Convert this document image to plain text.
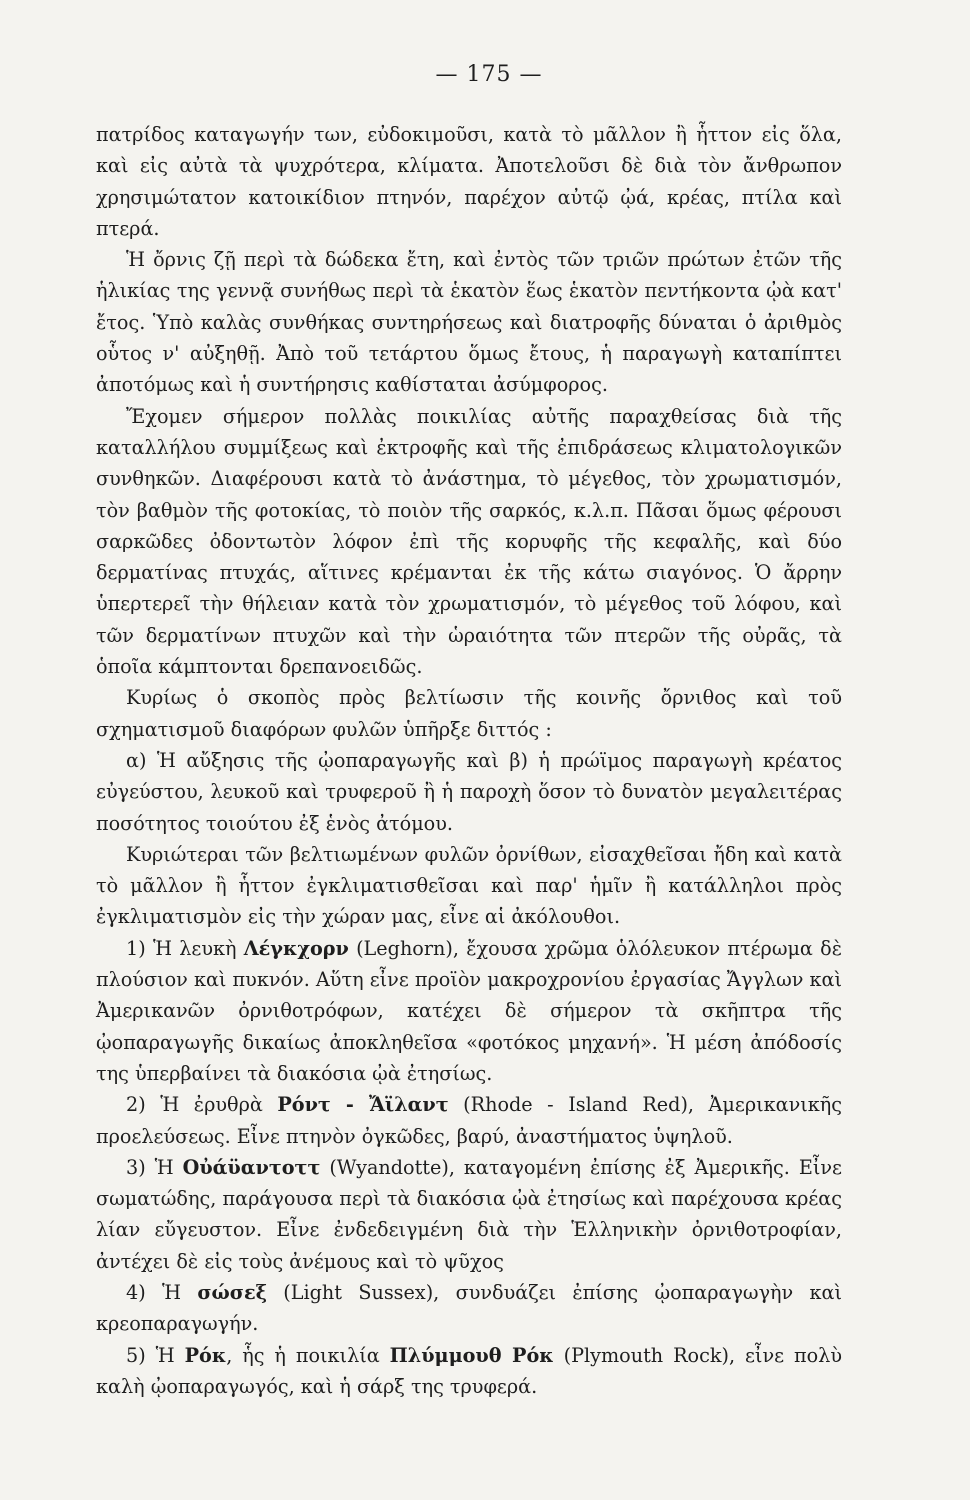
— 175 —

πατρίδος καταγωγήν των, εὐδοκιμοῦσι, κατὰ τὸ μᾶλλον ἢ ἧττον εἰς ὅλα, καὶ εἰς αὐτὰ τὰ ψυχρότερα, κλίματα. Ἀποτελοῦσι δὲ διὰ τὸν ἄνθρωπον χρησιμώτατον κατοικίδιον πτηνόν, παρέχον αὐτῷ ᾠά, κρέας, πτίλα καὶ πτερά.

Ἡ ὄρνις ζῇ περὶ τὰ δώδεκα ἔτη, καὶ ἐντὸς τῶν τριῶν πρώτων ἐτῶν τῆς ἡλικίας της γεννᾷ συνήθως περὶ τὰ ἑκατὸν ἕως ἑκατὸν πεντήκοντα ᾠὰ κατ' ἔτος. Ὑπὸ καλὰς συνθήκας συντηρήσεως καὶ διατροφῆς δύναται ὁ ἀριθμὸς οὗτος ν' αὐξηθῇ. Ἀπὸ τοῦ τετάρτου ὅμως ἔτους, ἡ παραγωγὴ καταπίπτει ἀποτόμως καὶ ἡ συντήρησις καθίσταται ἀσύμφορος.

Ἔχομεν σήμερον πολλὰς ποικιλίας αὐτῆς παραχθείσας διὰ τῆς καταλλήλου συμμίξεως καὶ ἐκτροφῆς καὶ τῆς ἐπιδράσεως κλιματολογικῶν συνθηκῶν. Διαφέρουσι κατὰ τὸ ἀνάστημα, τὸ μέγεθος, τὸν χρωματισμόν, τὸν βαθμὸν τῆς φοτοκίας, τὸ ποιὸν τῆς σαρκός, κ.λ.π. Πᾶσαι ὅμως φέρουσι σαρκῶδες ὀδοντωτὸν λόφον ἐπὶ τῆς κορυφῆς τῆς κεφαλῆς, καὶ δύο δερματίνας πτυχάς, αἵτινες κρέμανται ἐκ τῆς κάτω σιαγόνος. Ὁ ἄρρην ὑπερτερεῖ τὴν θήλειαν κατὰ τὸν χρωματισμόν, τὸ μέγεθος τοῦ λόφου, καὶ τῶν δερματίνων πτυχῶν καὶ τὴν ὡραιότητα τῶν πτερῶν τῆς οὐρᾶς, τὰ ὁποῖα κάμπτονται δρεπανοειδῶς.

Κυρίως ὁ σκοπὸς πρὸς βελτίωσιν τῆς κοινῆς ὄρνιθος καὶ τοῦ σχηματισμοῦ διαφόρων φυλῶν ὑπῆρξε διττός :

α) Ἡ αὔξησις τῆς ᾠοπαραγωγῆς καὶ β) ἡ πρώϊμος παραγωγὴ κρέατος εὐγεύστου, λευκοῦ καὶ τρυφεροῦ ἢ ἡ παροχὴ ὅσον τὸ δυνατὸν μεγαλειτέρας ποσότητος τοιούτου ἐξ ἑνὸς ἀτόμου.

Κυριώτεραι τῶν βελτιωμένων φυλῶν ὀρνίθων, εἰσαχθεῖσαι ἤδη καὶ κατὰ τὸ μᾶλλον ἢ ἧττον ἐγκλιματισθεῖσαι καὶ παρ' ἡμῖν ἢ κατάλληλοι πρὸς ἐγκλιματισμὸν εἰς τὴν χώραν μας, εἶνε αἱ ἀκόλουθοι.

1) Ἡ λευκὴ Λέγκχορν (Leghorn), ἔχουσα χρῶμα ὁλόλευκον πτέρωμα δὲ πλούσιον καὶ πυκνόν. Αὕτη εἶνε προϊὸν μακροχρονίου ἐργασίας Ἄγγλων καὶ Ἀμερικανῶν ὀρνιθοτρόφων, κατέχει δὲ σήμερον τὰ σκῆπτρα τῆς ᾠοπαραγωγῆς δικαίως ἀποκληθεῖσα «φοτόκος μηχανή». Ἡ μέση ἀπόδοσίς της ὑπερβαίνει τὰ διακόσια ᾠὰ ἐτησίως.

2) Ἡ ἐρυθρὰ Ρόντ - Ἄϊλαντ (Rhode - Island Red), Ἀμερικανικῆς προελεύσεως. Εἶνε πτηνὸν ὀγκῶδες, βαρύ, ἀναστήματος ὑψηλοῦ.

3) Ἡ Οὐάϋαντοττ (Wyandotte), καταγομένη ἐπίσης ἐξ Ἀμερικῆς. Εἶνε σωματώδης, παράγουσα περὶ τὰ διακόσια ᾠὰ ἐτησίως καὶ παρέχουσα κρέας λίαν εὔγευστον. Εἶνε ἐνδεδειγμένη διὰ τὴν Ἑλληνικὴν ὀρνιθοτροφίαν, ἀντέχει δὲ εἰς τοὺς ἀνέμους καὶ τὸ ψῦχος

4) Ἡ σώσεξ (Light Sussex), συνδυάζει ἐπίσης ᾠοπαραγωγὴν καὶ κρεοπαραγωγήν.

5) Ἡ Ρόκ, ἧς ἡ ποικιλία Πλύμμουθ Ρόκ (Plymouth Rock), εἶνε πολὺ καλὴ ᾠοπαραγωγός, καὶ ἡ σάρξ της τρυφερά.
